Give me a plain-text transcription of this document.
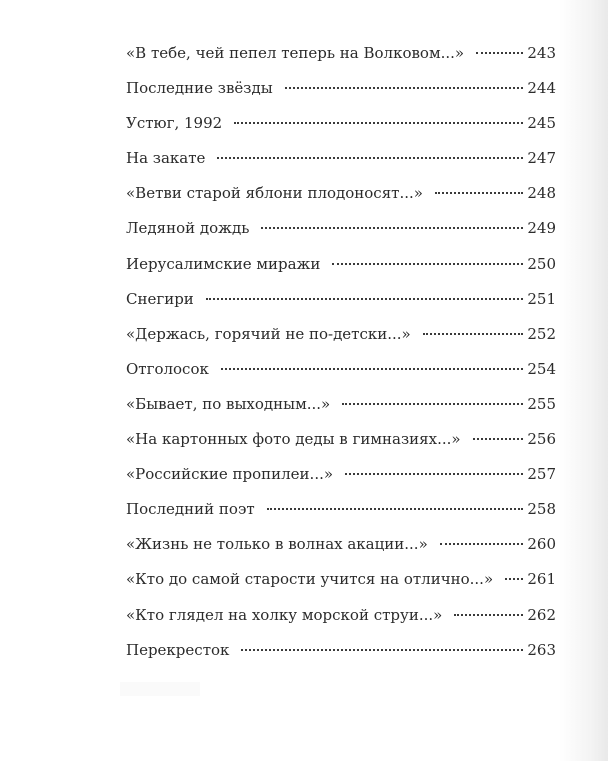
«В тебе, чей пепел теперь на Волковом...»	243
Последние звёзды	244
Устюг, 1992	245
На закате	247
«Ветви старой яблони плодоносят...»	248
Ледяной дождь	249
Иерусалимские миражи	250
Снегири	251
«Держась, горячий не по-детски...»	252
Отголосок	254
«Бывает, по выходным...»	255
«На картонных фото деды в гимназиях...»	256
«Российские пропилеи...»	257
Последний поэт	258
«Жизнь не только в волнах акации...»	260
«Кто до самой старости учится на отлично...» 261
«Кто глядел на холку морской струи...»	262
Перекресток	263
